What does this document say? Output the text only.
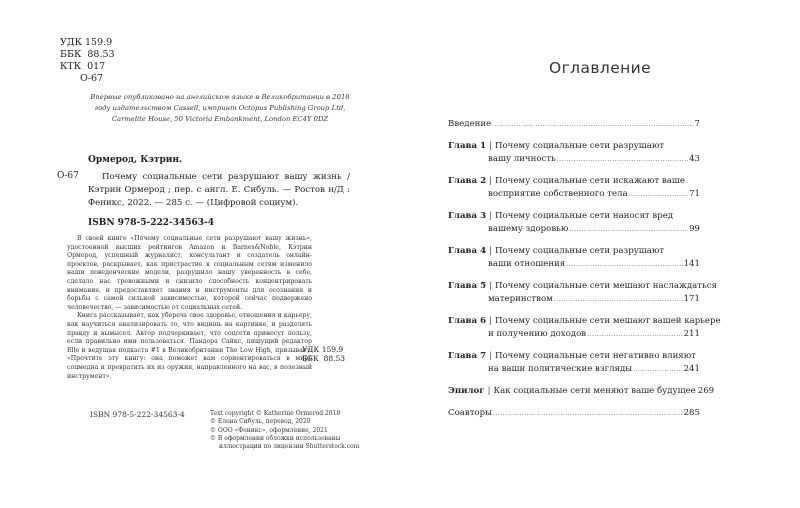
УДК 159.9
ББК  88.53
КТК  017
О-67
Впервые опубликовано на английском языке в Великобритании в 2018 году издательством Cassell, импринт Octopus Publishing Group Ltd, Carmelite House, 50 Victoria Embankment, London EC4Y 0DZ
Ормерод, Кэтрин.
О-67	Почему социальные сети разрушают вашу жизнь / Кэтрин Ормерод ; пер. с англ. Е. Сибуль. — Ростов н/Д : Феникс, 2022. — 285 с. — (Цифровой социум).
ISBN 978-5-222-34563-4

В своей книге «Почему социальные сети разрушают вашу жизнь», удостоенной высших рейтингов Amazon и Barnes&Noble, Кэтрин Ормерод, успешный журналист, консультант и создатель онлайн-проектов, раскрывает, как пристрастие к социальным сетям изменило наши поведенческие модели, разрушило нашу уверенность в себе, сделало нас тревожными и снизило способность концентрировать внимание, и предоставляет знания и инструменты для осознания и борьбы с самой сильной зависимостью, которой сейчас подвержено человечество, — зависимостью от социальных сетей.

Книга рассказывает, как уберечь свое здоровье, отношения и карьеру, как научиться анализировать то, что видишь на картинке, и разделять правду и вымысел. Автор подчеркивает, что соцсети принесут пользу, если правильно ими пользоваться. Пандора Сайкс, пишущий редактор Elle и ведущая подкаста #1 в Великобритании The Low High, призывает: «Прочтите эту книгу: она поможет вам сориентироваться в мире соцмедиа и превратить их из оружия, направленного на вас, в полезный инструмент».

УДК 159.9
ББК  88.53
ISBN 978-5-222-34563-4	Text copyright © Katherine Ormerod 2018
© Елена Сибуль, перевод, 2020
© ООО «Феникс», оформление, 2021
© В оформлении обложки использованы
иллюстрации по лицензии Shutterstock.com
Оглавление
Введение .....	7
Глава 1 | Почему социальные сети разрушают
вашу личность .....	43
Глава 2 | Почему социальные сети искажают ваше
восприятие собственного тела .....	71
Глава 3 | Почему социальные сети наносят вред
вашему здоровью .....	99
Глава 4 | Почему социальные сети разрушают
ваши отношения .....	141
Глава 5 | Почему социальные сети мешают наслаждаться
материнством .....	171
Глава 6 | Почему социальные сети мешают вашей карьере
и получению доходов .....	211
Глава 7 | Почему социальные сети негативно влияют
на ваши политические взгляды .....	241
Эпилог | Как социальные сети меняют ваше будущее 269
Соавторы .....	285
